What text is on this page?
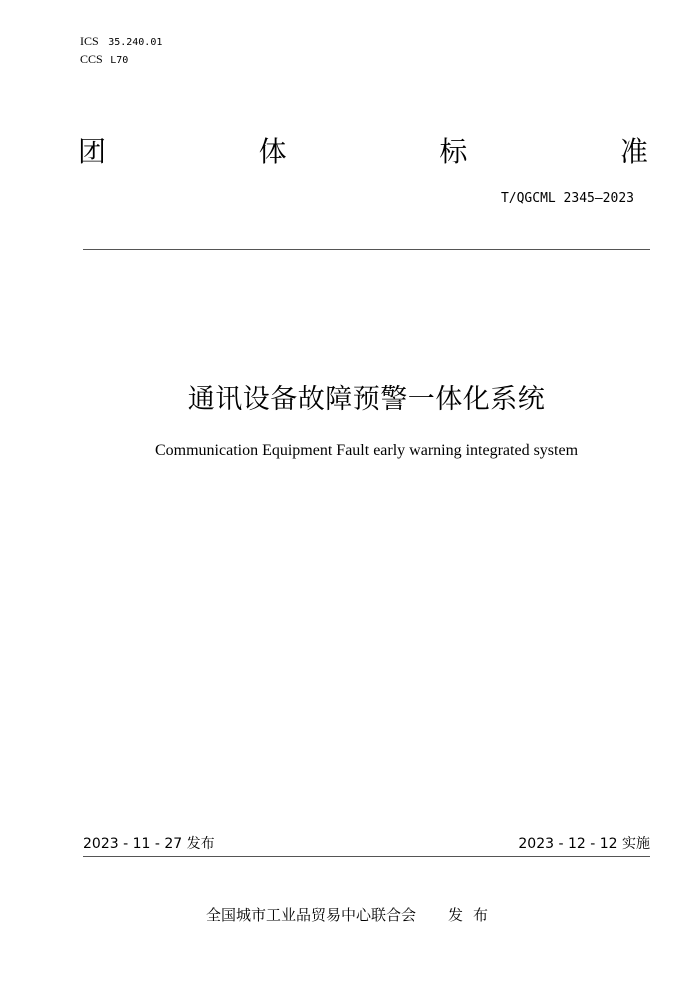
ICS 35.240.01
CCS L70
团	体	标	准
T/QGCML 2345—2023
通讯设备故障预警一体化系统
Communication Equipment Fault early warning integrated system
2023 - 11 - 27 发布	2023 - 12 - 12 实施
全国城市工业品贸易中心联合会 发布
